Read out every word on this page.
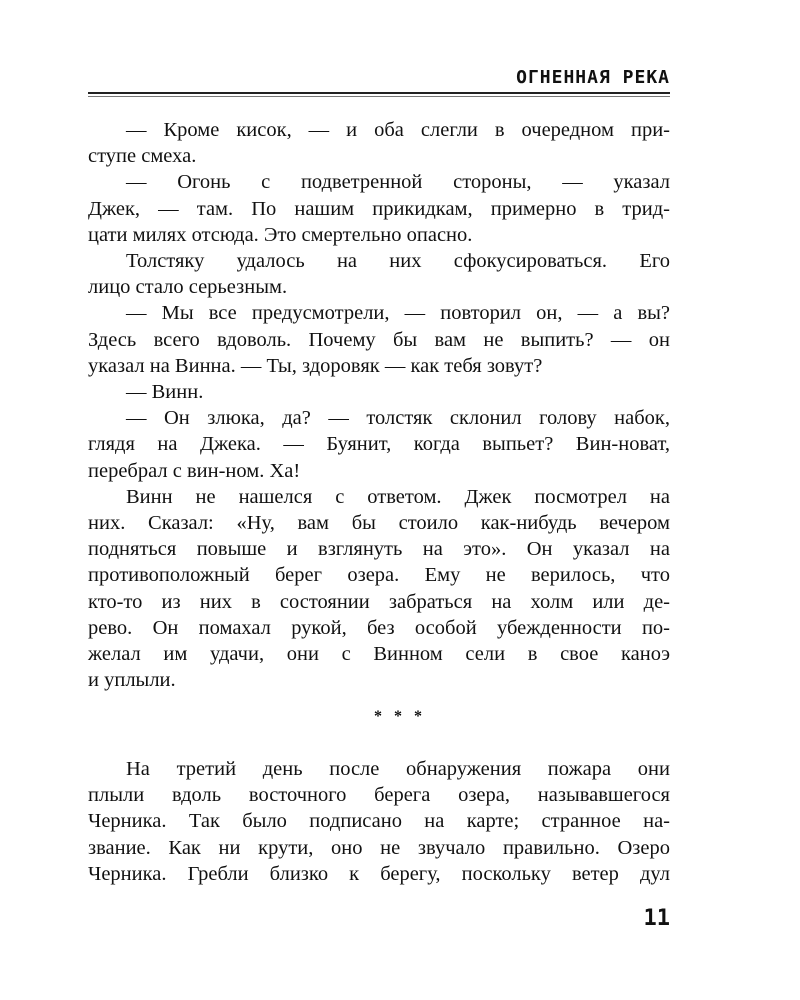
ОГНЕННАЯ РЕКА
— Кроме кисок, — и оба слегли в очередном при-
ступе смеха.
— Огонь с подветренной стороны, — указал
Джек, — там. По нашим прикидкам, примерно в трид-
цати милях отсюда. Это смертельно опасно.
Толстяку удалось на них сфокусироваться. Его
лицо стало серьезным.
— Мы все предусмотрели, — повторил он, — а вы?
Здесь всего вдоволь. Почему бы вам не выпить? — он
указал на Винна. — Ты, здоровяк — как тебя зовут?
— Винн.
— Он злюка, да? — толстяк склонил голову набок,
глядя на Джека. — Буянит, когда выпьет? Вин-новат,
перебрал с вин-ном. Ха!
Винн не нашелся с ответом. Джек посмотрел на
них. Сказал: «Ну, вам бы стоило как-нибудь вечером
подняться повыше и взглянуть на это». Он указал на
противоположный берег озера. Ему не верилось, что
кто-то из них в состоянии забраться на холм или де-
рево. Он помахал рукой, без особой убежденности по-
желал им удачи, они с Винном сели в свое каноэ
и уплыли.
* * *
На третий день после обнаружения пожара они
плыли вдоль восточного берега озера, называвшегося
Черника. Так было подписано на карте; странное на-
звание. Как ни крути, оно не звучало правильно. Озеро
Черника. Гребли близко к берегу, поскольку ветер дул
11
